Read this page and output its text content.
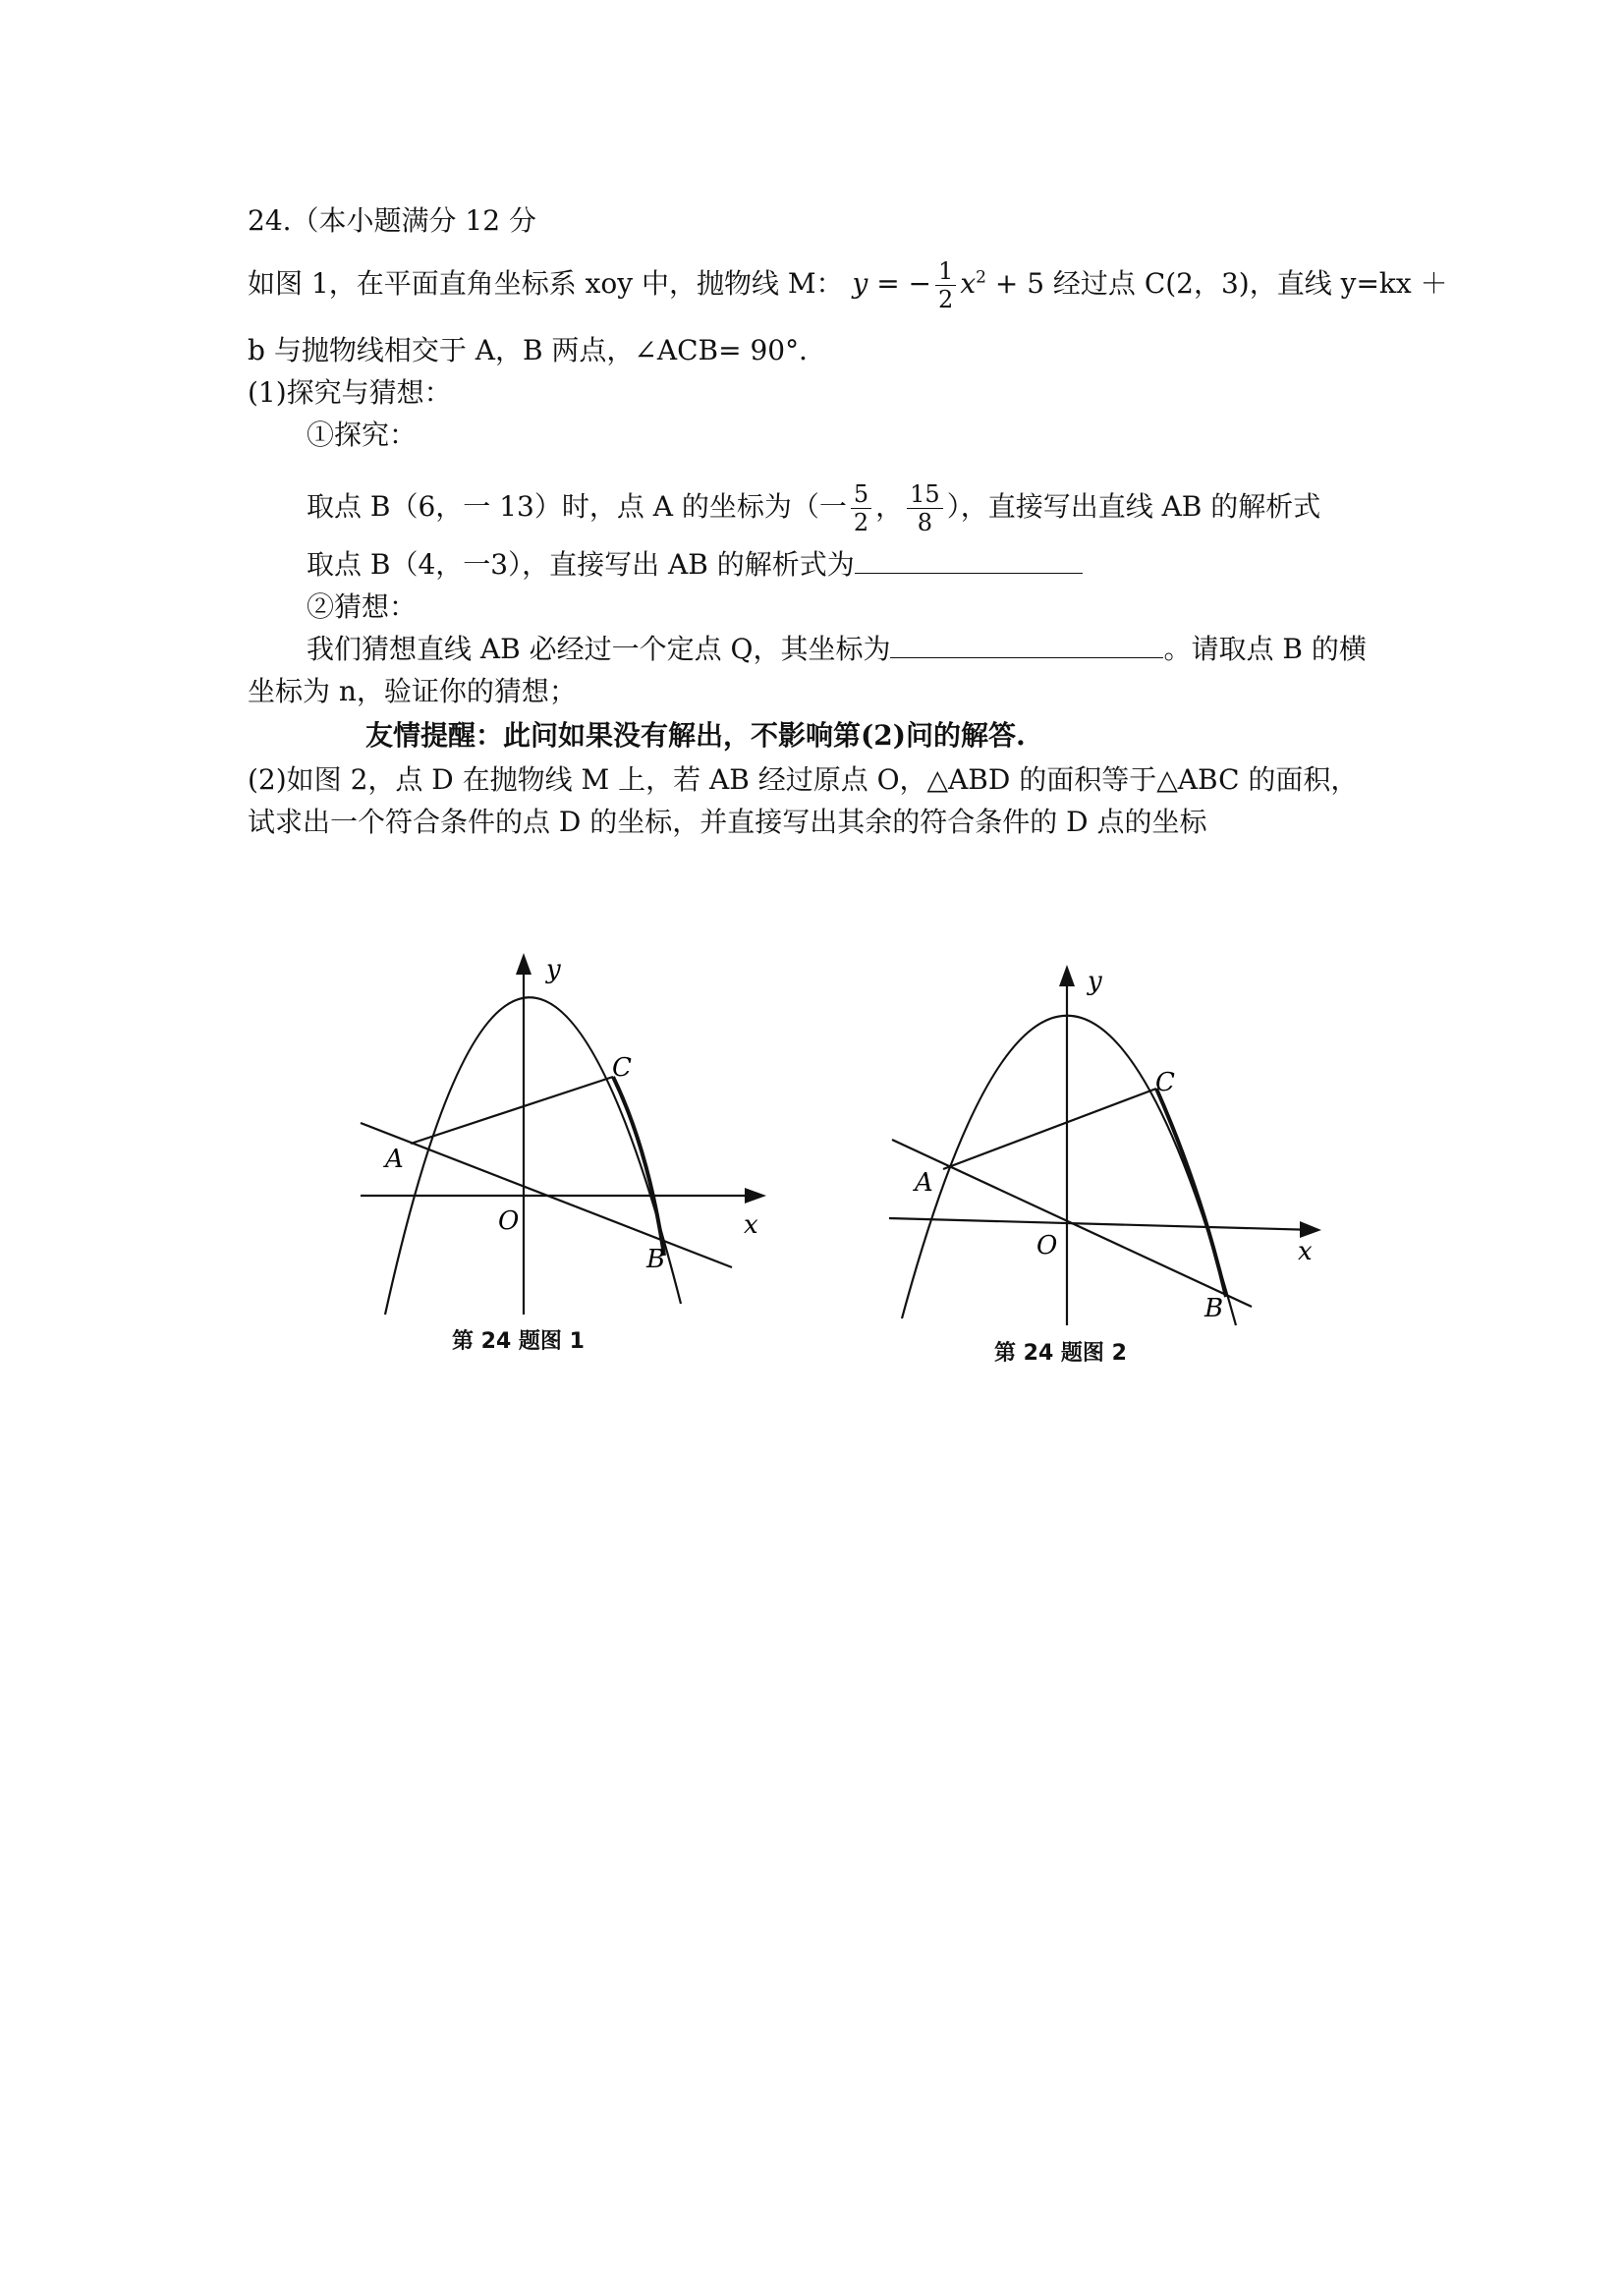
24.（本小题满分 12 分
如图 1，在平面直角坐标系 xoy 中，抛物线 M： y = − $\frac{1}{2} x^2 + 5$ 经过点 C(2，3)，直线 y=kx ＋
b 与抛物线相交于 A，B 两点，∠ACB= 90°．
(1)探究与猜想：
①探究：
取点 B（6，一 13）时，点 A 的坐标为（一 $\frac{5}{2}$ ， $\frac{15}{8}$ ），直接写出直线 AB 的解析式
取点 B（4，一3），直接写出 AB 的解析式为
②猜想：
我们猜想直线 AB 必经过一个定点 Q，其坐标为	。请取点 B 的横
坐标为 n，验证你的猜想；
友情提醒：此问如果没有解出，不影响第(2)问的解答.
(2)如图 2，点 D 在抛物线 M 上，若 AB 经过原点 O，△ABD 的面积等于△ABC 的面积，
试求出一个符合条件的点 D 的坐标，并直接写出其余的符合条件的 D 点的坐标
y
x
O
A
B
C
第 24 题图 1
y
x
O
A
B
C
第 24 题图 2
